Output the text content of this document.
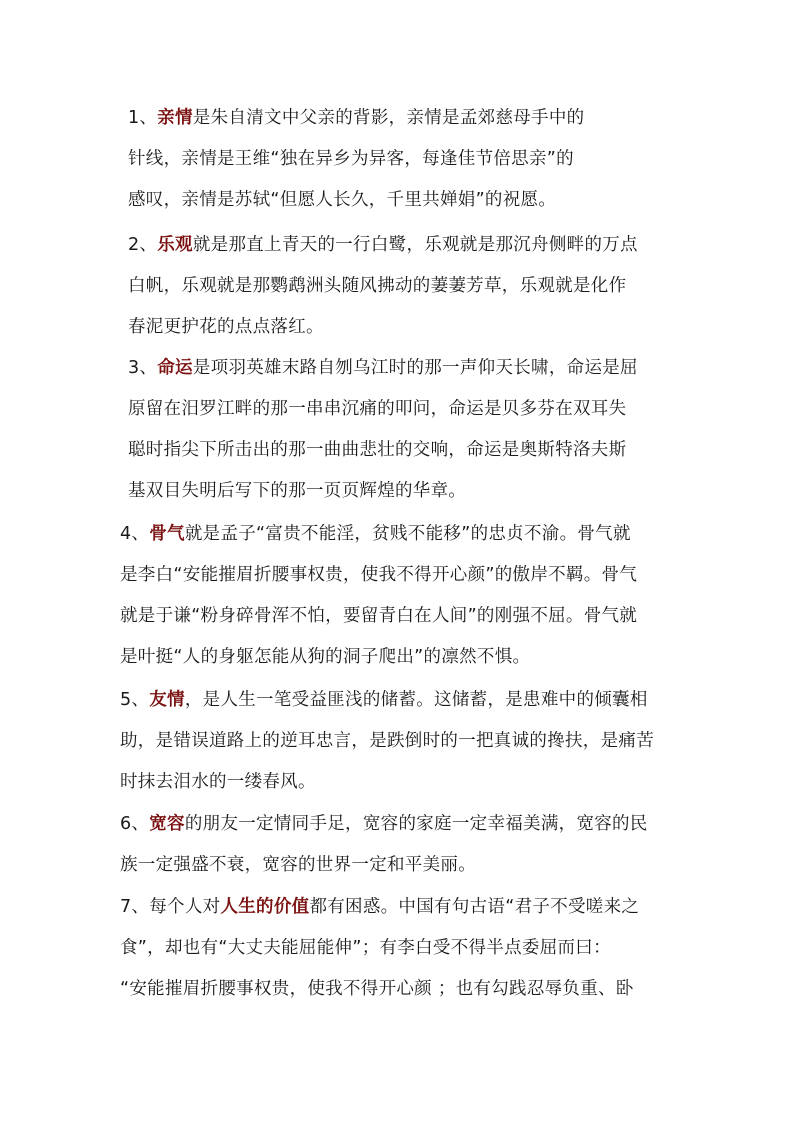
1、亲情是朱自清文中父亲的背影，亲情是孟郊慈母手中的
针线，亲情是王维“独在异乡为异客，每逢佳节倍思亲”的
感叹，亲情是苏轼“但愿人长久，千里共婵娟”的祝愿。
2、乐观就是那直上青天的一行白鹭，乐观就是那沉舟侧畔的万点
白帆，乐观就是那鹦鹉洲头随风拂动的萋萋芳草，乐观就是化作
春泥更护花的点点落红。
3、命运是项羽英雄末路自刎乌江时的那一声仰天长啸，命运是屈
原留在汨罗江畔的那一串串沉痛的叩问，命运是贝多芬在双耳失
聪时指尖下所击出的那一曲曲悲壮的交响，命运是奥斯特洛夫斯
基双目失明后写下的那一页页辉煌的华章。
4、骨气就是孟子“富贵不能淫，贫贱不能移”的忠贞不渝。骨气就
是李白“安能摧眉折腰事权贵，使我不得开心颜”的傲岸不羁。骨气
就是于谦“粉身碎骨浑不怕，要留青白在人间”的刚强不屈。骨气就
是叶挺“人的身躯怎能从狗的洞子爬出”的凛然不惧。
5、友情，是人生一笔受益匪浅的储蓄。这储蓄，是患难中的倾囊相
助，是错误道路上的逆耳忠言，是跌倒时的一把真诚的搀扶，是痛苦
时抹去泪水的一缕春风。
6、宽容的朋友一定情同手足，宽容的家庭一定幸福美满，宽容的民
族一定强盛不衰，宽容的世界一定和平美丽。
7、每个人对人生的价值都有困惑。中国有句古语“君子不受嗟来之
食”，却也有“大丈夫能屈能伸”；有李白受不得半点委屈而曰：
“安能摧眉折腰事权贵，使我不得开心颜 ；也有勾践忍辱负重、卧
